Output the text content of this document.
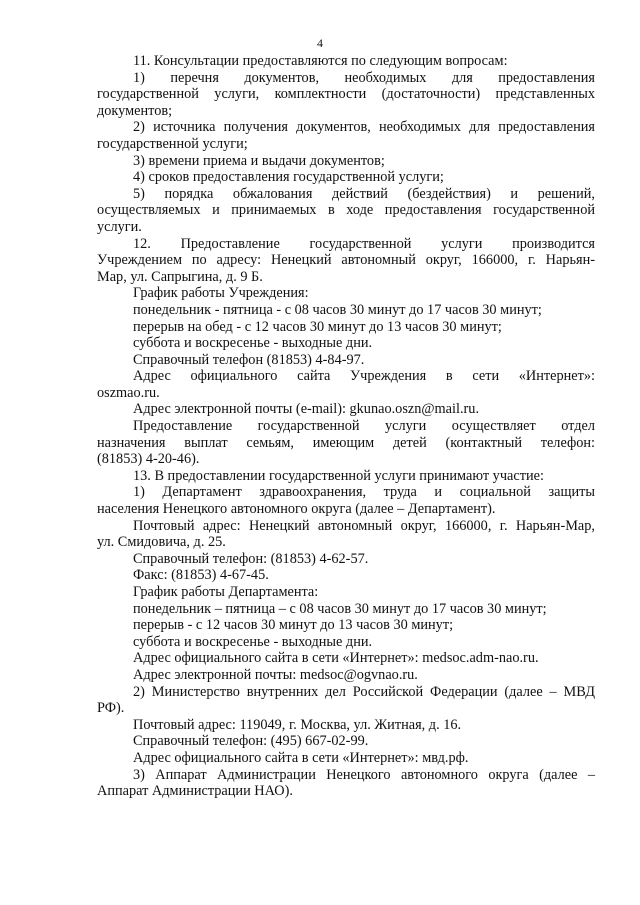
4

11. Консультации предоставляются по следующим вопросам:

1) перечня документов, необходимых для предоставления

государственной услуги, комплектности (достаточности) представленных

документов;

2) источника получения документов, необходимых для предоставления

государственной услуги;

3) времени приема и выдачи документов;

4) сроков предоставления государственной услуги;

5) порядка обжалования действий (бездействия) и решений,

осуществляемых и принимаемых в ходе предоставления государственной

услуги.

12. Предоставление государственной услуги производится

Учреждением по адресу: Ненецкий автономный округ, 166000, г. Нарьян-

Мар, ул. Сапрыгина, д. 9 Б.

График работы Учреждения:

понедельник - пятница - с 08 часов 30 минут до 17 часов 30 минут;

перерыв на обед - с 12 часов 30 минут до 13 часов 30 минут;

суббота и воскресенье - выходные дни.

Справочный телефон (81853) 4-84-97.

Адрес официального сайта Учреждения в сети «Интернет»:

oszmao.ru.

Адрес электронной почты (e-mail): gkunao.oszn@mail.ru.

Предоставление государственной услуги осуществляет отдел

назначения выплат семьям, имеющим детей (контактный телефон:

(81853) 4-20-46).

13. В предоставлении государственной услуги принимают участие:

1) Департамент здравоохранения, труда и социальной защиты

населения Ненецкого автономного округа (далее – Департамент).

Почтовый адрес: Ненецкий автономный округ, 166000, г. Нарьян-Мар,

ул. Смидовича, д. 25.

Справочный телефон: (81853) 4-62-57.

Факс: (81853) 4-67-45.

График работы Департамента:

понедельник – пятница – с 08 часов 30 минут до 17 часов 30 минут;

перерыв - с 12 часов 30 минут до 13 часов 30 минут;

суббота и воскресенье - выходные дни.

Адрес официального сайта в сети «Интернет»: medsoc.adm-nao.ru.

Адрес электронной почты: medsoc@ogvnao.ru.

2) Министерство внутренних дел Российской Федерации (далее – МВД

РФ).

Почтовый адрес: 119049, г. Москва, ул. Житная, д. 16.

Справочный телефон: (495) 667-02-99.

Адрес официального сайта в сети «Интернет»: мвд.рф.

3) Аппарат Администрации Ненецкого автономного округа (далее –

Аппарат Администрации НАО).
